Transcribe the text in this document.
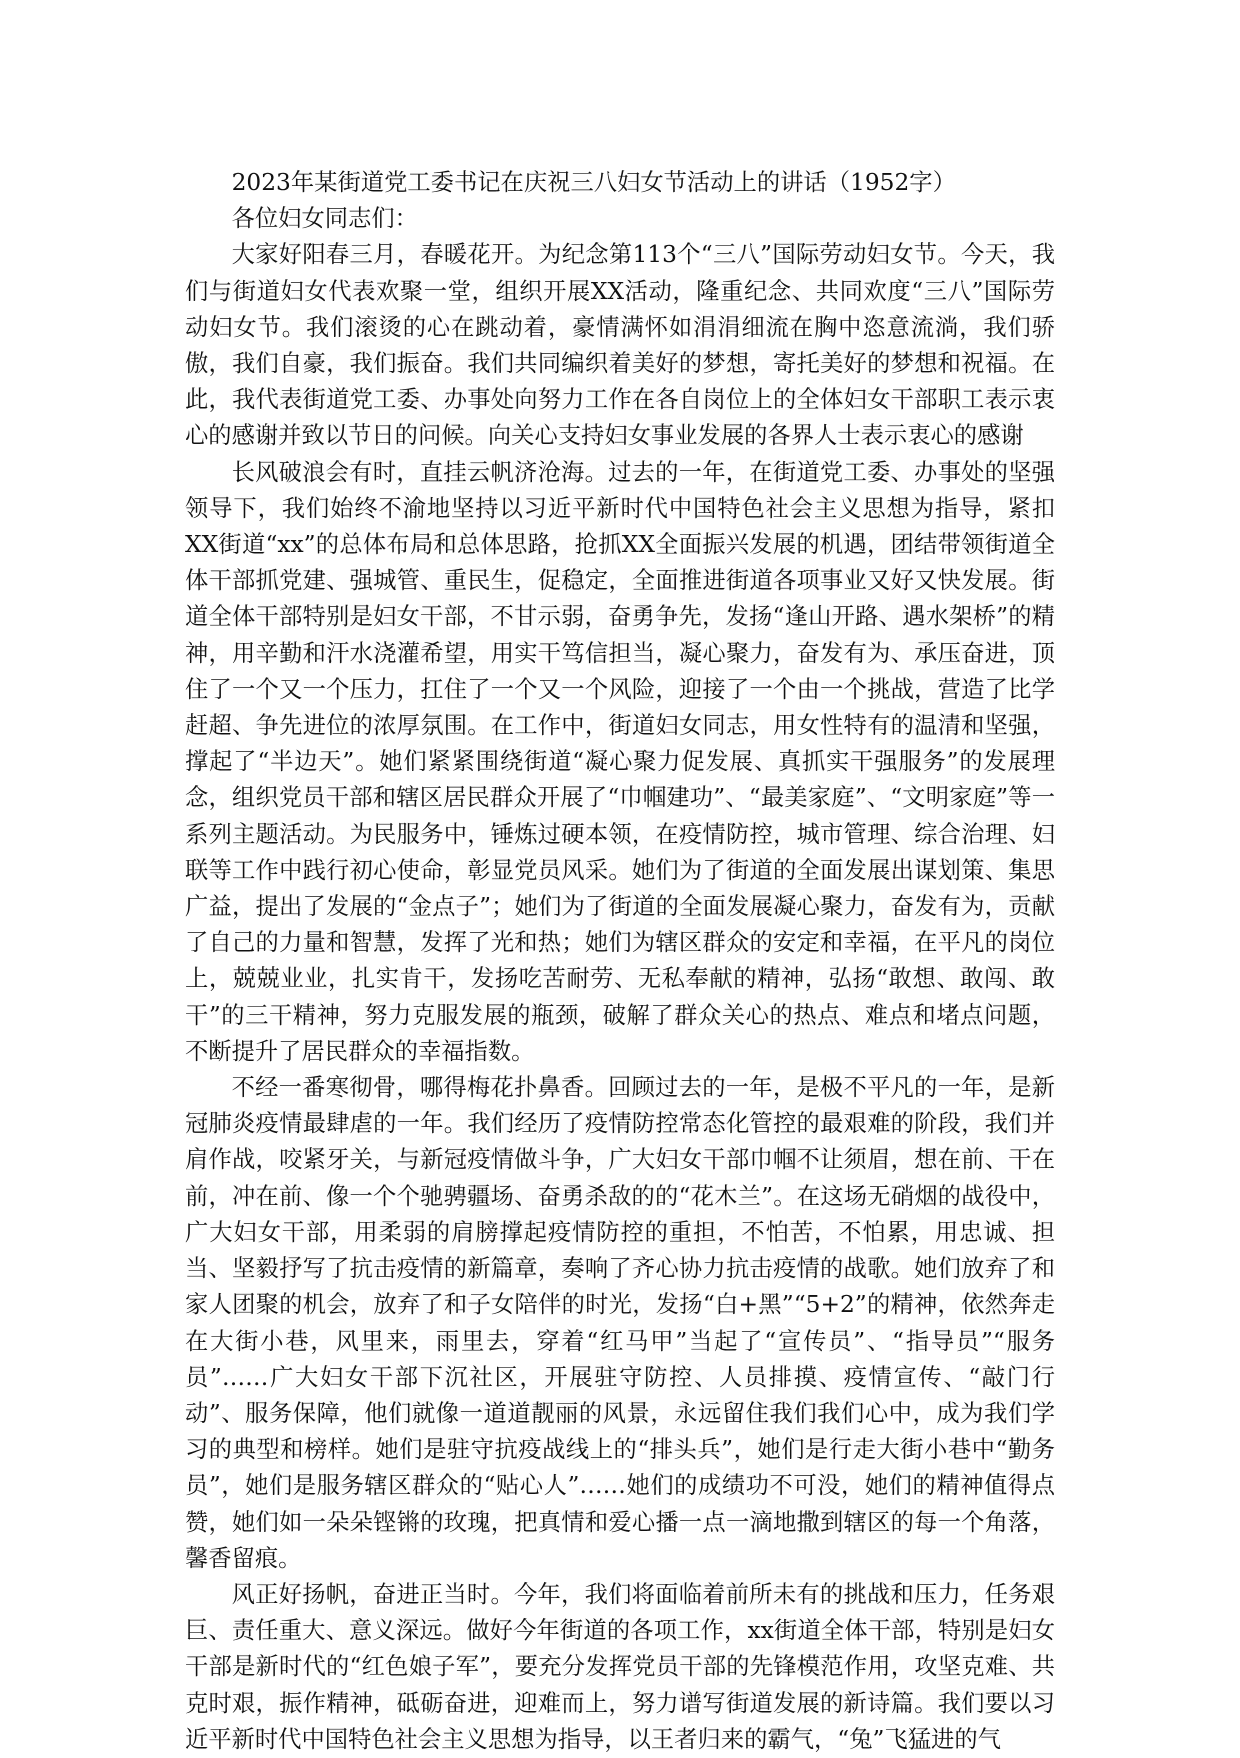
2023年某街道党工委书记在庆祝三八妇女节活动上的讲话（1952字）

各位妇女同志们：

大家好阳春三月，春暖花开。为纪念第113个“三八”国际劳动妇女节。今天，我们与街道妇女代表欢聚一堂，组织开展XX活动，隆重纪念、共同欢度“三八”国际劳动妇女节。我们滚烫的心在跳动着，豪情满怀如涓涓细流在胸中恣意流淌，我们骄傲，我们自豪，我们振奋。我们共同编织着美好的梦想，寄托美好的梦想和祝福。在此，我代表街道党工委、办事处向努力工作在各自岗位上的全体妇女干部职工表示衷心的感谢并致以节日的问候。向关心支持妇女事业发展的各界人士表示衷心的感谢

长风破浪会有时，直挂云帆济沧海。过去的一年，在街道党工委、办事处的坚强领导下，我们始终不渝地坚持以习近平新时代中国特色社会主义思想为指导，紧扣XX街道“xx”的总体布局和总体思路，抢抓XX全面振兴发展的机遇，团结带领街道全体干部抓党建、强城管、重民生，促稳定，全面推进街道各项事业又好又快发展。街道全体干部特别是妇女干部，不甘示弱，奋勇争先，发扬“逢山开路、遇水架桥”的精神，用辛勤和汗水浇灌希望，用实干笃信担当，凝心聚力，奋发有为、承压奋进，顶住了一个又一个压力，扛住了一个又一个风险，迎接了一个由一个挑战，营造了比学赶超、争先进位的浓厚氛围。在工作中，街道妇女同志，用女性特有的温清和坚强，撑起了“半边天”。她们紧紧围绕街道“凝心聚力促发展、真抓实干强服务”的发展理念，组织党员干部和辖区居民群众开展了“巾帼建功”、“最美家庭”、“文明家庭”等一系列主题活动。为民服务中，锤炼过硬本领，在疫情防控，城市管理、综合治理、妇联等工作中践行初心使命，彰显党员风采。她们为了街道的全面发展出谋划策、集思广益，提出了发展的“金点子”；她们为了街道的全面发展凝心聚力，奋发有为，贡献了自己的力量和智慧，发挥了光和热；她们为辖区群众的安定和幸福，在平凡的岗位上，兢兢业业，扎实肯干，发扬吃苦耐劳、无私奉献的精神，弘扬“敢想、敢闯、敢干”的三干精神，努力克服发展的瓶颈，破解了群众关心的热点、难点和堵点问题，不断提升了居民群众的幸福指数。

不经一番寒彻骨，哪得梅花扑鼻香。回顾过去的一年，是极不平凡的一年，是新冠肺炎疫情最肆虐的一年。我们经历了疫情防控常态化管控的最艰难的阶段，我们并肩作战，咬紧牙关，与新冠疫情做斗争，广大妇女干部巾帼不让须眉，想在前、干在前，冲在前、像一个个驰骋疆场、奋勇杀敌的的“花木兰”。在这场无硝烟的战役中，广大妇女干部，用柔弱的肩膀撑起疫情防控的重担，不怕苦，不怕累，用忠诚、担当、坚毅抒写了抗击疫情的新篇章，奏响了齐心协力抗击疫情的战歌。她们放弃了和家人团聚的机会，放弃了和子女陪伴的时光，发扬“白+黑”“5+2”的精神，依然奔走在大街小巷，风里来，雨里去，穿着“红马甲”当起了“宣传员”、“指导员”“服务员”……广大妇女干部下沉社区，开展驻守防控、人员排摸、疫情宣传、“敲门行动”、服务保障，他们就像一道道靓丽的风景，永远留住我们我们心中，成为我们学习的典型和榜样。她们是驻守抗疫战线上的“排头兵”，她们是行走大街小巷中“勤务员”，她们是服务辖区群众的“贴心人”……她们的成绩功不可没，她们的精神值得点赞，她们如一朵朵铿锵的玫瑰，把真情和爱心播一点一滴地撒到辖区的每一个角落，馨香留痕。

风正好扬帆，奋进正当时。今年，我们将面临着前所未有的挑战和压力，任务艰巨、责任重大、意义深远。做好今年街道的各项工作，xx街道全体干部，特别是妇女干部是新时代的“红色娘子军”，要充分发挥党员干部的先锋模范作用，攻坚克难、共克时艰，振作精神，砥砺奋进，迎难而上，努力谱写街道发展的新诗篇。我们要以习近平新时代中国特色社会主义思想为指导，以王者归来的霸气，“兔”飞猛进的气
